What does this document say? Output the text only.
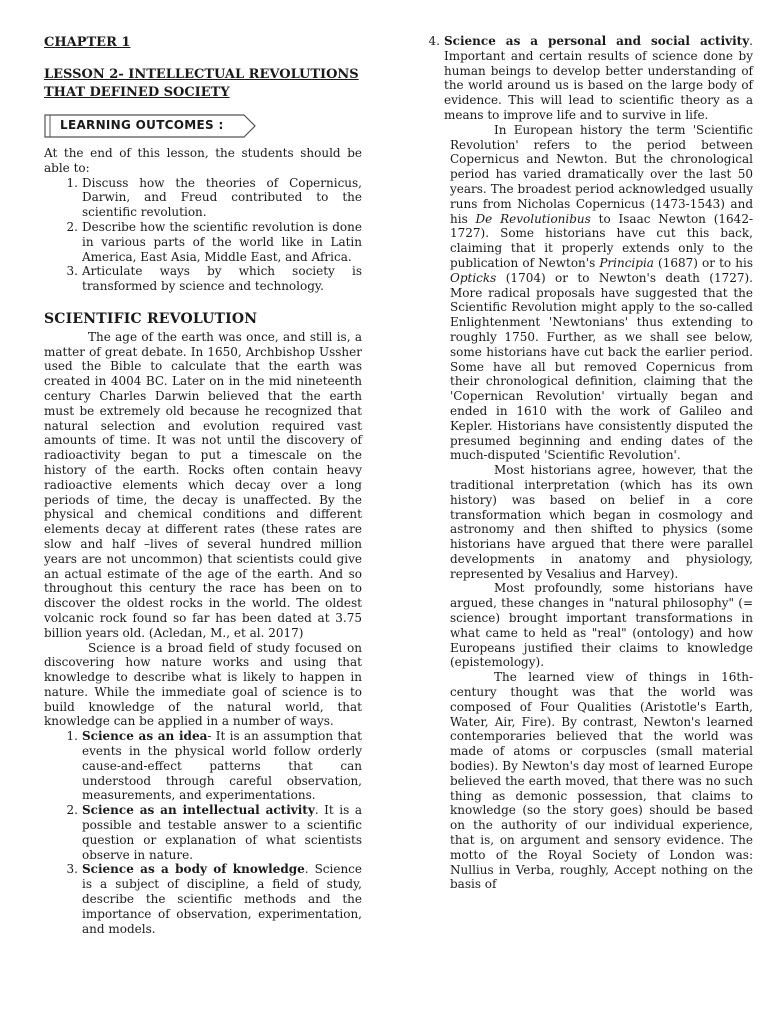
CHAPTER 1
LESSON 2- INTELLECTUAL REVOLUTIONS THAT DEFINED SOCIETY
LEARNING OUTCOMES :

At the end of this lesson, the students should be able to:

1. Discuss how the theories of Copernicus, Darwin, and Freud contributed to the scientific revolution.

2. Describe how the scientific revolution is done in various parts of the world like in Latin America, East Asia, Middle East, and Africa.

3. Articulate ways by which society is transformed by science and technology.

SCIENTIFIC REVOLUTION

The age of the earth was once, and still is, a matter of great debate. In 1650, Archbishop Ussher used the Bible to calculate that the earth was created in 4004 BC. Later on in the mid nineteenth century Charles Darwin believed that the earth must be extremely old because he recognized that natural selection and evolution required vast amounts of time. It was not until the discovery of radioactivity began to put a timescale on the history of the earth. Rocks often contain heavy radioactive elements which decay over a long periods of time, the decay is unaffected. By the physical and chemical conditions and different elements decay at different rates (these rates are slow and half –lives of several hundred million years are not uncommon) that scientists could give an actual estimate of the age of the earth. And so throughout this century the race has been on to discover the oldest rocks in the world. The oldest volcanic rock found so far has been dated at 3.75 billion years old. (Acledan, M., et al. 2017)

Science is a broad field of study focused on discovering how nature works and using that knowledge to describe what is likely to happen in nature. While the immediate goal of science is to build knowledge of the natural world, that knowledge can be applied in a number of ways.

1. Science as an idea- It is an assumption that events in the physical world follow orderly cause-and-effect patterns that can understood through careful observation, measurements, and experimentations.

2. Science as an intellectual activity. It is a possible and testable answer to a scientific question or explanation of what scientists observe in nature.

3. Science as a body of knowledge. Science is a subject of discipline, a field of study, describe the scientific methods and the importance of observation, experimentation, and models.

4. Science as a personal and social activity. Important and certain results of science done by human beings to develop better understanding of the world around us is based on the large body of evidence. This will lead to scientific theory as a means to improve life and to survive in life.

In European history the term 'Scientific Revolution' refers to the period between Copernicus and Newton. But the chronological period has varied dramatically over the last 50 years. The broadest period acknowledged usually runs from Nicholas Copernicus (1473-1543) and his De Revolutionibus to Isaac Newton (1642-1727). Some historians have cut this back, claiming that it properly extends only to the publication of Newton's Principia (1687) or to his Opticks (1704) or to Newton's death (1727). More radical proposals have suggested that the Scientific Revolution might apply to the so-called Enlightenment 'Newtonians' thus extending to roughly 1750. Further, as we shall see below, some historians have cut back the earlier period. Some have all but removed Copernicus from their chronological definition, claiming that the 'Copernican Revolution' virtually began and ended in 1610 with the work of Galileo and Kepler. Historians have consistently disputed the presumed beginning and ending dates of the much-disputed 'Scientific Revolution'.

Most historians agree, however, that the traditional interpretation (which has its own history) was based on belief in a core transformation which began in cosmology and astronomy and then shifted to physics (some historians have argued that there were parallel developments in anatomy and physiology, represented by Vesalius and Harvey).

Most profoundly, some historians have argued, these changes in "natural philosophy" (= science) brought important transformations in what came to held as "real" (ontology) and how Europeans justified their claims to knowledge (epistemology).

The learned view of things in 16th-century thought was that the world was composed of Four Qualities (Aristotle's Earth, Water, Air, Fire). By contrast, Newton's learned contemporaries believed that the world was made of atoms or corpuscles (small material bodies). By Newton's day most of learned Europe believed the earth moved, that there was no such thing as demonic possession, that claims to knowledge (so the story goes) should be based on the authority of our individual experience, that is, on argument and sensory evidence. The motto of the Royal Society of London was: Nullius in Verba, roughly, Accept nothing on the basis of
